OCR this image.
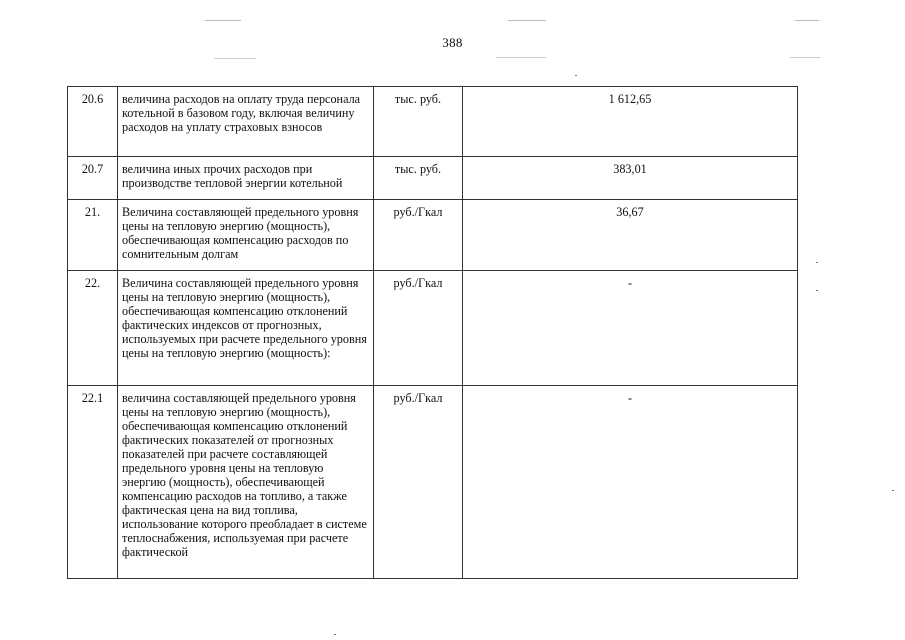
388
20.6	величина расходов на оплату труда персонала котельной в базовом году, включая величину расходов на уплату страховых взносов	тыс. руб.	1 612,65
20.7	величина иных прочих расходов при производстве тепловой энергии котельной	тыс. руб.	383,01
21.	Величина составляющей предельного уровня цены на тепловую энергию (мощность), обеспечивающая компенсацию расходов по сомнительным долгам	руб./Гкал	36,67
22.	Величина составляющей предельного уровня цены на тепловую энергию (мощность), обеспечивающая компенсацию отклонений фактических индексов от прогнозных, используемых при расчете предельного уровня цены на тепловую энергию (мощность):	руб./Гкал	-
22.1	величина составляющей предельного уровня цены на тепловую энергию (мощность), обеспечивающая компенсацию отклонений фактических показателей от прогнозных показателей при расчете составляющей предельного уровня цены на тепловую энергию (мощность), обеспечивающей компенсацию расходов на топливо, а также фактическая цена на вид топлива, использование которого преобладает в системе теплоснабжения, используемая при расчете фактической	руб./Гкал	-
